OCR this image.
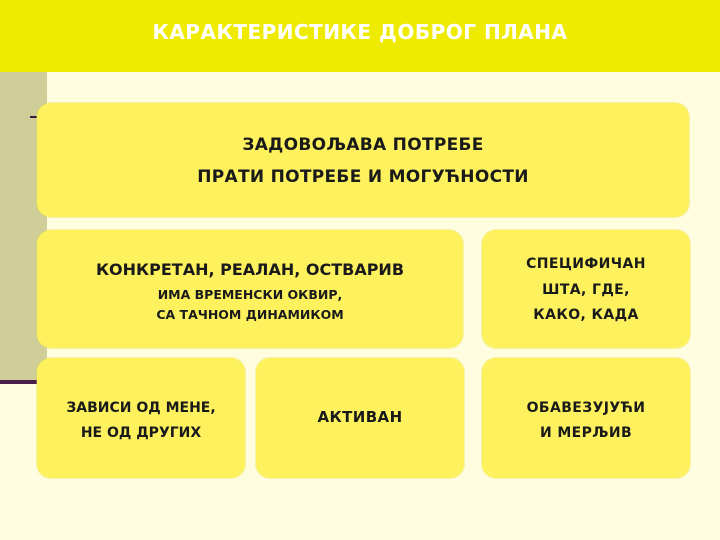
КАРАКТЕРИСТИКЕ ДОБРОГ ПЛАНА
ЗАДОВОЉАВА ПОТРЕБЕ
ПРАТИ ПОТРЕБЕ И МОГУЋНОСТИ
КОНКРЕТАН, РЕАЛАН, ОСТВАРИВ
ИМА ВРЕМЕНСКИ ОКВИР,
СА ТАЧНОМ ДИНАМИКОМ
СПЕЦИФИЧАН
ШТА, ГДЕ,
КАКО, КАДА
ЗАВИСИ ОД МЕНЕ,
НЕ ОД ДРУГИХ
АКТИВАН	ОБАВЕЗУЈУЋИ
И МЕРЉИВ
